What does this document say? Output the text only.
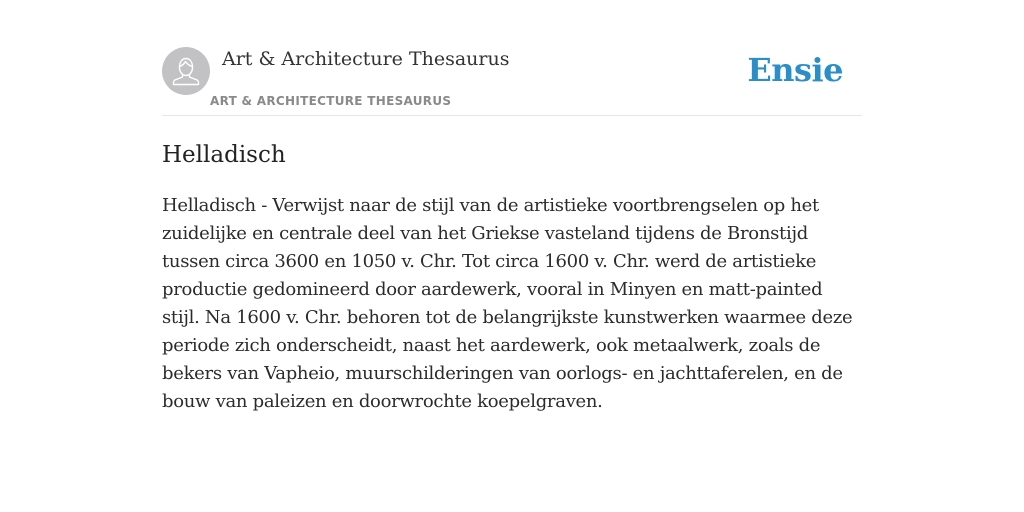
Art & Architecture Thesaurus
ART & ARCHITECTURE THESAURUS
Ensie
Helladisch

Helladisch - Verwijst naar de stijl van de artistieke voortbrengselen op het zuidelijke en centrale deel van het Griekse vasteland tijdens de Bronstijd tussen circa 3600 en 1050 v. Chr. Tot circa 1600 v. Chr. werd de artistieke productie gedomineerd door aardewerk, vooral in Minyen en matt-painted stijl. Na 1600 v. Chr. behoren tot de belangrijkste kunstwerken waarmee deze periode zich onderscheidt, naast het aardewerk, ook metaalwerk, zoals de bekers van Vapheio, muurschilderingen van oorlogs- en jachttaferelen, en de bouw van paleizen en doorwrochte koepelgraven.
